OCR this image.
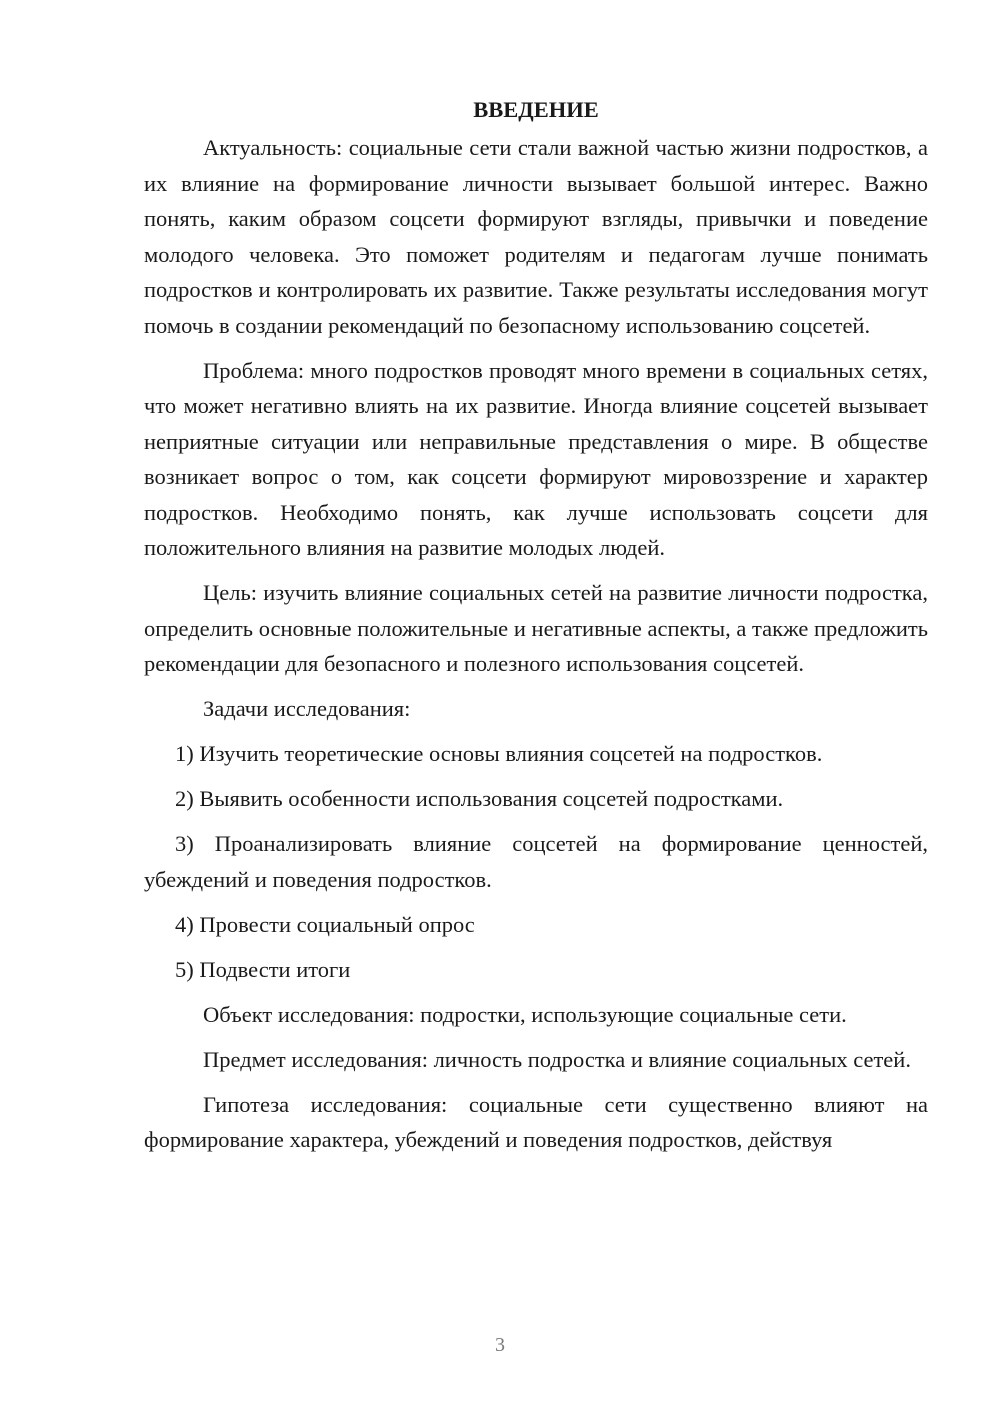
ВВЕДЕНИЕ

Актуальность: социальные сети стали важной частью жизни подростков, а их влияние на формирование личности вызывает большой интерес. Важно понять, каким образом соцсети формируют взгляды, привычки и поведение молодого человека. Это поможет родителям и педагогам лучше понимать подростков и контролировать их развитие. Также результаты исследования могут помочь в создании рекомендаций по безопасному использованию соцсетей.

Проблема: много подростков проводят много времени в социальных сетях, что может негативно влиять на их развитие. Иногда влияние соцсетей вызывает неприятные ситуации или неправильные представления о мире. В обществе возникает вопрос о том, как соцсети формируют мировоззрение и характер подростков. Необходимо понять, как лучше использовать соцсети для положительного влияния на развитие молодых людей.

Цель: изучить влияние социальных сетей на развитие личности подростка, определить основные положительные и негативные аспекты, а также предложить рекомендации для безопасного и полезного использования соцсетей.

Задачи исследования:

1) Изучить теоретические основы влияния соцсетей на подростков.

2) Выявить особенности использования соцсетей подростками.

3) Проанализировать влияние соцсетей на формирование ценностей, убеждений и поведения подростков.

4) Провести социальный опрос

5) Подвести итоги

Объект исследования: подростки, использующие социальные сети.

Предмет исследования: личность подростка и влияние социальных сетей.

Гипотеза исследования: социальные сети существенно влияют на формирование характера, убеждений и поведения подростков, действуя

3
